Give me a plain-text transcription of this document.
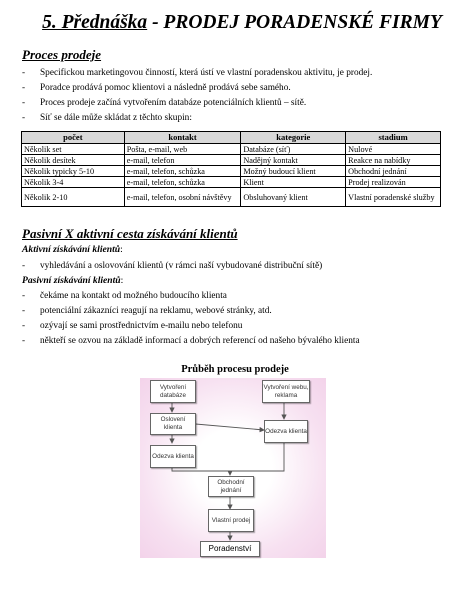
5. Přednáška - PRODEJ PORADENSKÉ FIRMY
Proces prodeje
- Specifickou marketingovou činností, která ústí ve vlastní poradenskou aktivitu, je prodej.
- Poradce prodává pomoc klientovi a následně prodává sebe samého.
- Proces prodeje začíná vytvořením databáze potenciálních klientů – sítě.
- Síť se dále může skládat z těchto skupin:
počet	kontakt	kategorie	stadium
Několik set	Pošta, e-mail, web	Databáze (síť)	Nulové
Několik desítek	e-mail, telefon	Nadějný kontakt	Reakce na nabídky
Několik typicky 5-10	e-mail, telefon, schůzka	Možný budoucí klient	Obchodní jednání
Několik 3-4	e-mail, telefon, schůzka	Klient	Prodej realizován
Několik 2-10	e-mail, telefon, osobní návštěvy	Obsluhovaný klient	Vlastní poradenské služby
Pasivní X aktivní cesta získávání klientů
Aktivní získávání klientů:
- vyhledávání a oslovování klientů (v rámci naší vybudované distribuční sítě)
Pasivní získávání klientů:
- čekáme na kontakt od možného budoucího klienta
- potenciální zákazníci reagují na reklamu, webové stránky, atd.
- ozývají se sami prostřednictvím e-mailu nebo telefonu
- někteří se ozvou na základě informací a dobrých referencí od našeho bývalého klienta
Průběh procesu prodeje
Vytvoření databáze
Vytvoření webu, reklama
Oslovení klienta	Odezva klienta
Odezva klienta
Obchodní jednání
Vlastní prodej
Poradenství
